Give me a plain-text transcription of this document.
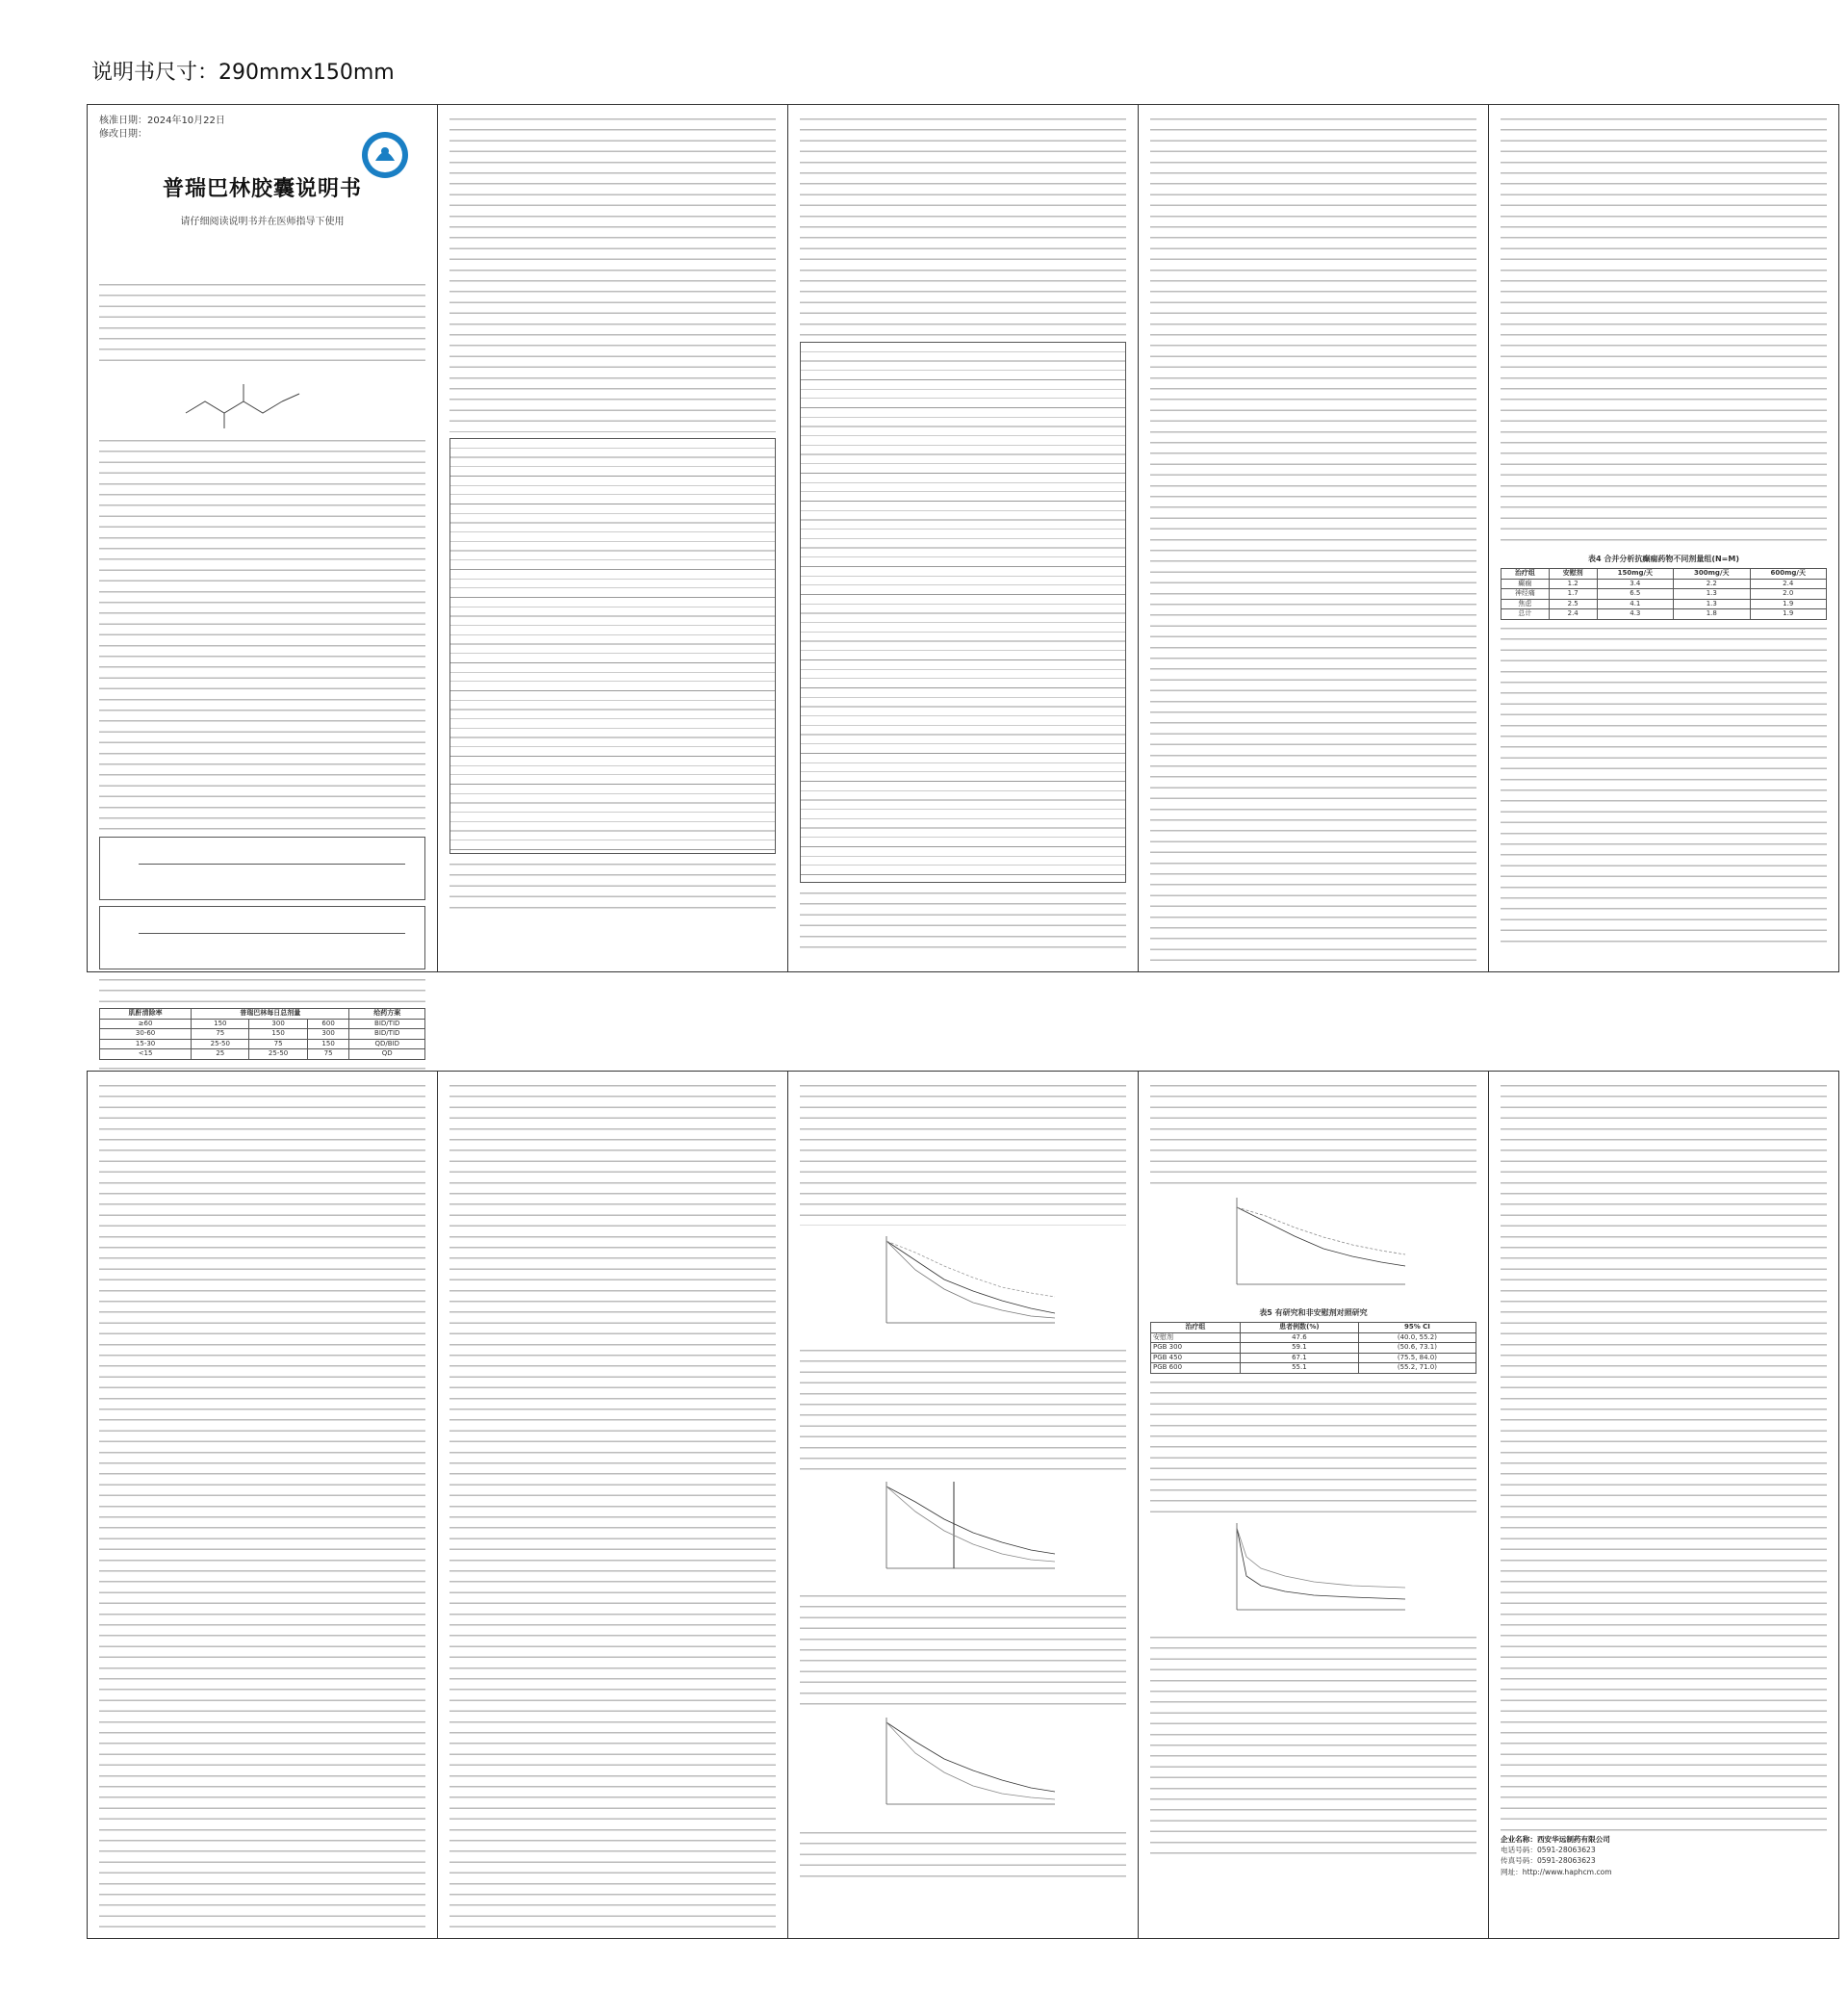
说明书尺寸：290mmx150mm
核准日期：2024年10月22日
修改日期：
普瑞巴林胶囊说明书
请仔细阅读说明书并在医师指导下使用
肌酐清除率	普瑞巴林每日总剂量			给药方案
≥60	150	300	600	BID/TID
30-60	75	150	300	BID/TID
15-30	25-50	75	150	QD/BID
<15	25	25-50	75	QD
表4 合并分析抗癫痫药物不同剂量组(N=M)
治疗组	安慰剂	150mg/天	300mg/天	600mg/天
癫痫	1.2	3.4	2.2	2.4
神经痛	1.7	6.5	1.3	2.0
焦虑	2.5	4.1	1.3	1.9
总计	2.4	4.3	1.8	1.9
表5 有研究和非安慰剂对照研究
治疗组	患者例数(%)	95% CI
安慰剂	47.6	(40.0, 55.2)
PGB 300	59.1	(50.6, 73.1)
PGB 450	67.1	(75.5, 84.0)
PGB 600	55.1	(55.2, 71.0)
企业名称：西安华远制药有限公司
电话号码：0591-28063623
传真号码：0591-28063623
网址：http://www.haphcm.com
